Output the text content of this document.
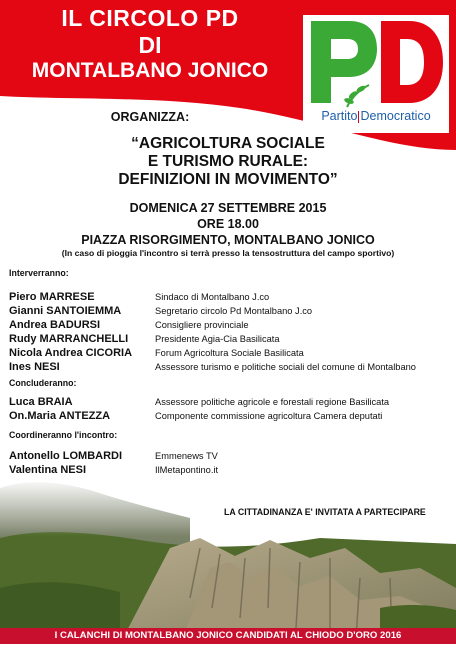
IL CIRCOLO PD
DI
MONTALBANO JONICO
Partito Democratico
ORGANIZZA:
“AGRICOLTURA SOCIALE
E TURISMO RURALE:
DEFINIZIONI IN MOVIMENTO”
DOMENICA 27 SETTEMBRE 2015
ORE 18.00
PIAZZA RISORGIMENTO, MONTALBANO JONICO
(In caso di pioggia l'incontro si terrà presso la tensostruttura del campo sportivo)
Interverranno:
Piero MARRESE	Sindaco di Montalbano J.co
Gianni SANTOIEMMA	Segretario circolo Pd Montalbano J.co
Andrea BADURSI	Consigliere provinciale
Rudy MARRANCHELLI	Presidente Agia-Cia Basilicata
Nicola Andrea CICORIA Forum Agricoltura Sociale Basilicata
Ines NESI	Assessore turismo e politiche sociali del comune di Montalbano
Concluderanno:
Luca BRAIA	Assessore politiche agricole e forestali regione Basilicata
On.Maria ANTEZZA	Componente commissione agricoltura Camera deputati
Coordineranno l'incontro:
Antonello LOMBARDI	Emmenews TV
Valentina NESI	IlMetapontino.it
LA CITTADINANZA E' INVITATA A PARTECIPARE
I CALANCHI DI MONTALBANO JONICO CANDIDATI AL CHIODO D'ORO 2016
